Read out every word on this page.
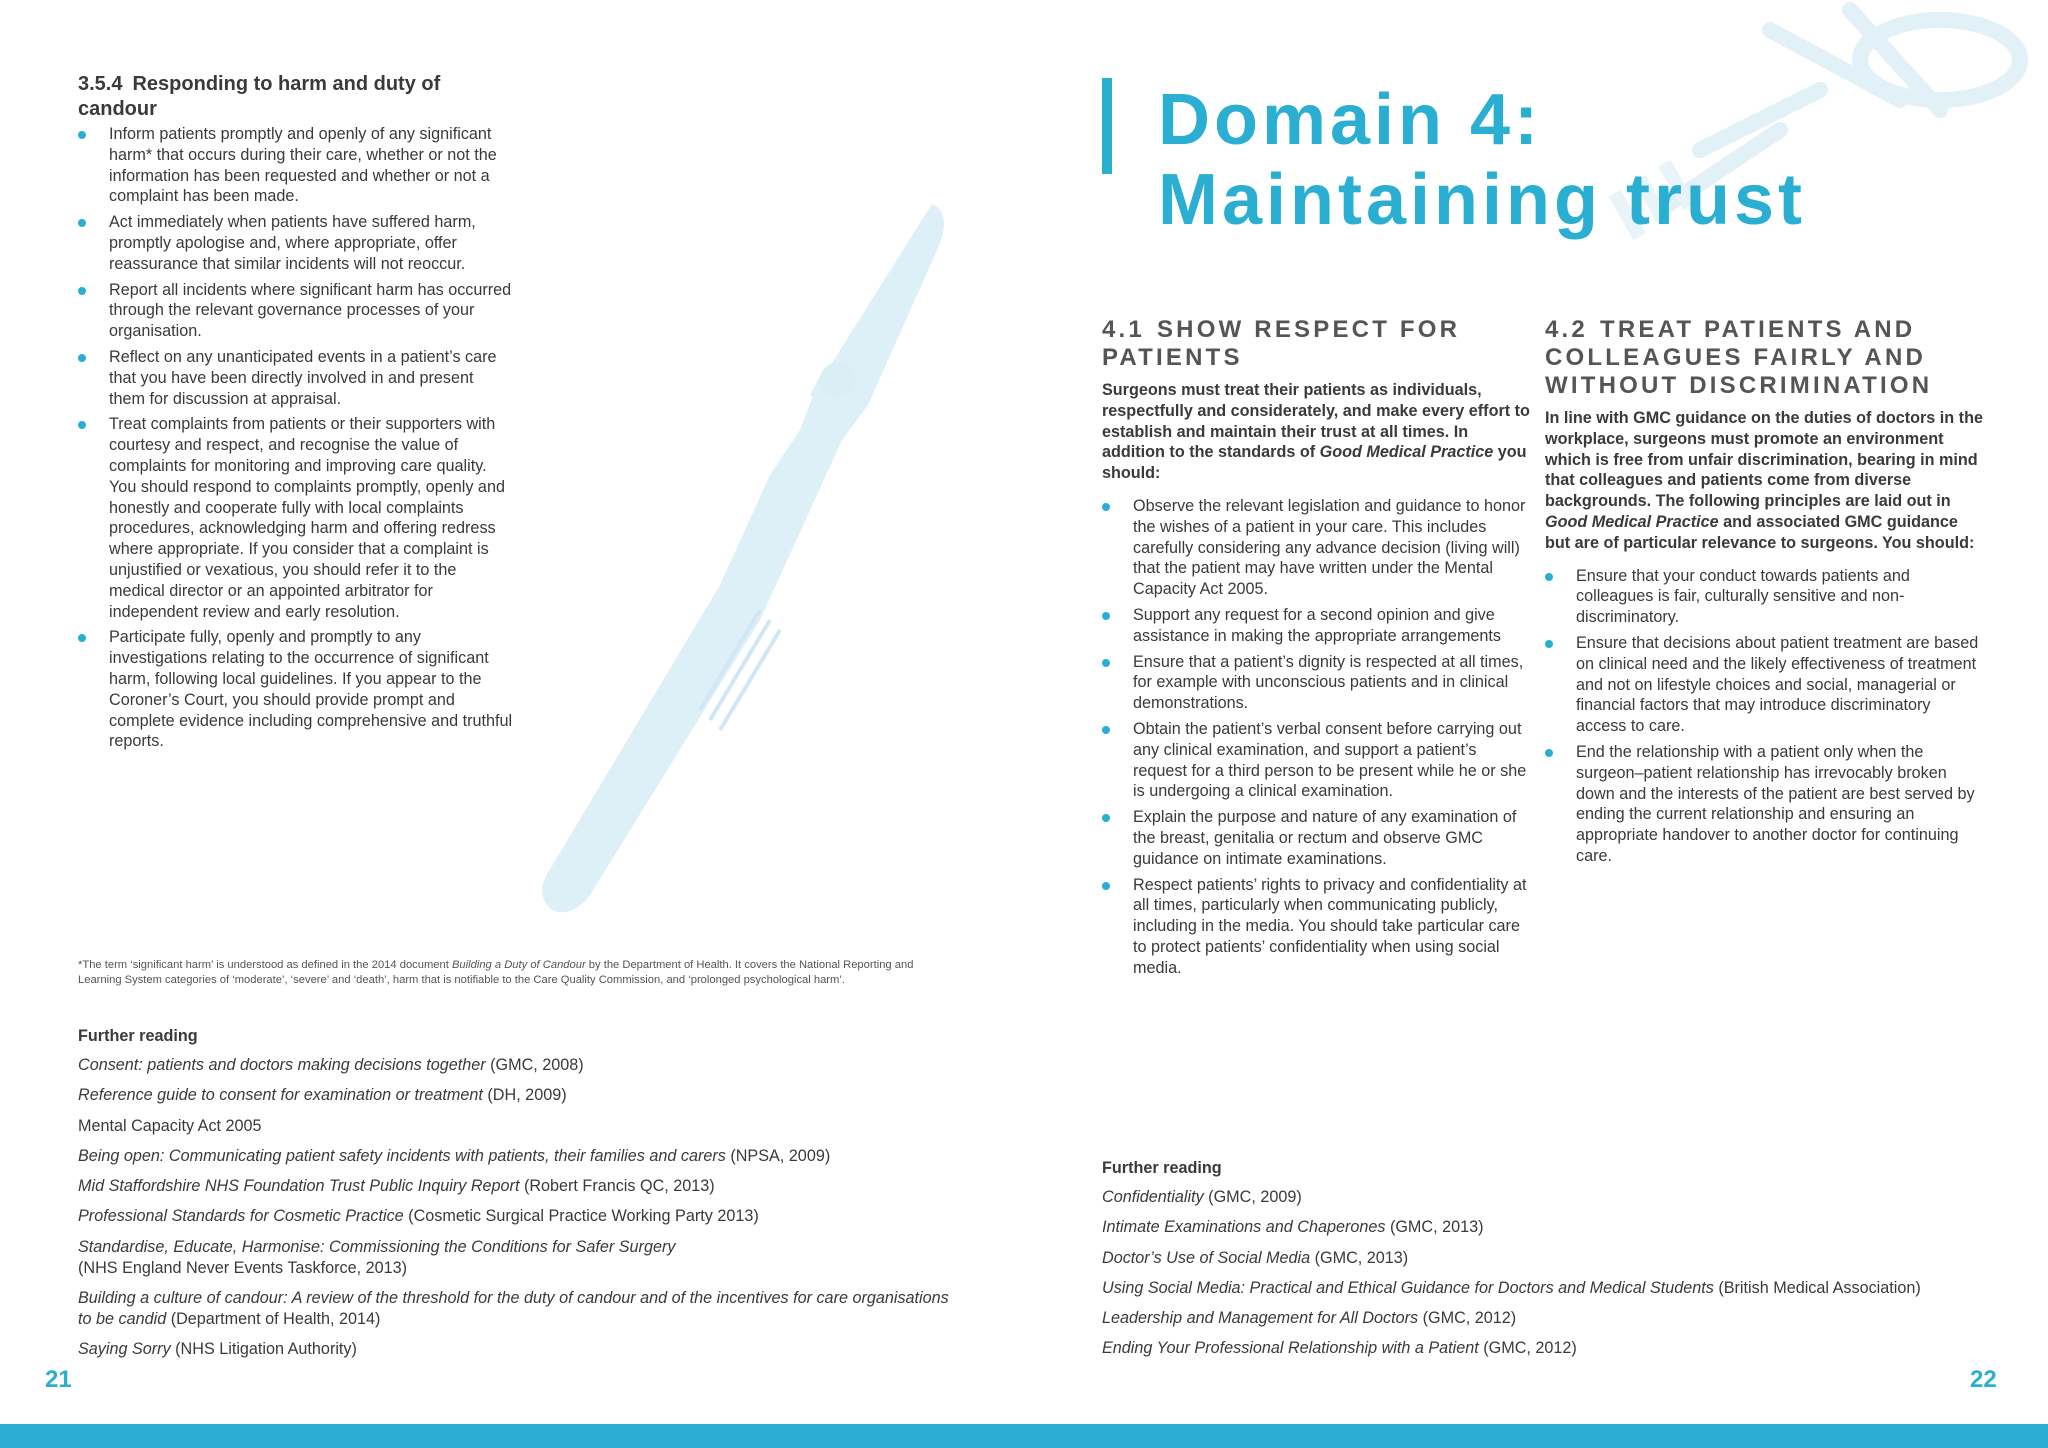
3.5.4 Responding to harm and duty of candour
Inform patients promptly and openly of any significant harm* that occurs during their care, whether or not the information has been requested and whether or not a complaint has been made.
Act immediately when patients have suffered harm, promptly apologise and, where appropriate, offer reassurance that similar incidents will not reoccur.
Report all incidents where significant harm has occurred through the relevant governance processes of your organisation.
Reflect on any unanticipated events in a patient’s care that you have been directly involved in and present them for discussion at appraisal.
Treat complaints from patients or their supporters with courtesy and respect, and recognise the value of complaints for monitoring and improving care quality. You should respond to complaints promptly, openly and honestly and cooperate fully with local complaints procedures, acknowledging harm and offering redress where appropriate. If you consider that a complaint is unjustified or vexatious, you should refer it to the medical director or an appointed arbitrator for independent review and early resolution.
Participate fully, openly and promptly to any investigations relating to the occurrence of significant harm, following local guidelines. If you appear to the Coroner’s Court, you should provide prompt and complete evidence including comprehensive and truthful reports.

*The term ‘significant harm’ is understood as defined in the 2014 document Building a Duty of Candour by the Department of Health. It covers the National Reporting and Learning System categories of ‘moderate’, ‘severe’ and ‘death’, harm that is notifiable to the Care Quality Commission, and ‘prolonged psychological harm’.

Further reading
Consent: patients and doctors making decisions together (GMC, 2008)
Reference guide to consent for examination or treatment (DH, 2009)
Mental Capacity Act 2005
Being open: Communicating patient safety incidents with patients, their families and carers (NPSA, 2009)
Mid Staffordshire NHS Foundation Trust Public Inquiry Report (Robert Francis QC, 2013)
Professional Standards for Cosmetic Practice (Cosmetic Surgical Practice Working Party 2013)
Standardise, Educate, Harmonise: Commissioning the Conditions for Safer Surgery
(NHS England Never Events Taskforce, 2013)
Building a culture of candour: A review of the threshold for the duty of candour and of the incentives for care organisations to be candid (Department of Health, 2014)
Saying Sorry (NHS Litigation Authority)
21
Domain 4:
Maintaining trust
4.1 SHOW RESPECT FOR PATIENTS

Surgeons must treat their patients as individuals, respectfully and considerately, and make every effort to establish and maintain their trust at all times. In addition to the standards of Good Medical Practice you should:

Observe the relevant legislation and guidance to honor the wishes of a patient in your care. This includes carefully considering any advance decision (living will) that the patient may have written under the Mental Capacity Act 2005.
Support any request for a second opinion and give assistance in making the appropriate arrangements
Ensure that a patient’s dignity is respected at all times, for example with unconscious patients and in clinical demonstrations.
Obtain the patient’s verbal consent before carrying out any clinical examination, and support a patient’s request for a third person to be present while he or she is undergoing a clinical examination.
Explain the purpose and nature of any examination of the breast, genitalia or rectum and observe GMC guidance on intimate examinations.
Respect patients’ rights to privacy and confidentiality at all times, particularly when communicating publicly, including in the media. You should take particular care to protect patients’ confidentiality when using social media.
4.2 TREAT PATIENTS AND COLLEAGUES FAIRLY AND WITHOUT DISCRIMINATION

In line with GMC guidance on the duties of doctors in the workplace, surgeons must promote an environment which is free from unfair discrimination, bearing in mind that colleagues and patients come from diverse backgrounds. The following principles are laid out in Good Medical Practice and associated GMC guidance but are of particular relevance to surgeons. You should:

Ensure that your conduct towards patients and colleagues is fair, culturally sensitive and non-discriminatory.
Ensure that decisions about patient treatment are based on clinical need and the likely effectiveness of treatment and not on lifestyle choices and social, managerial or financial factors that may introduce discriminatory access to care.
End the relationship with a patient only when the surgeon–patient relationship has irrevocably broken down and the interests of the patient are best served by ending the current relationship and ensuring an appropriate handover to another doctor for continuing care.
Further reading
Confidentiality (GMC, 2009)
Intimate Examinations and Chaperones (GMC, 2013)
Doctor’s Use of Social Media (GMC, 2013)
Using Social Media: Practical and Ethical Guidance for Doctors and Medical Students (British Medical Association)
Leadership and Management for All Doctors (GMC, 2012)
Ending Your Professional Relationship with a Patient (GMC, 2012)
22
